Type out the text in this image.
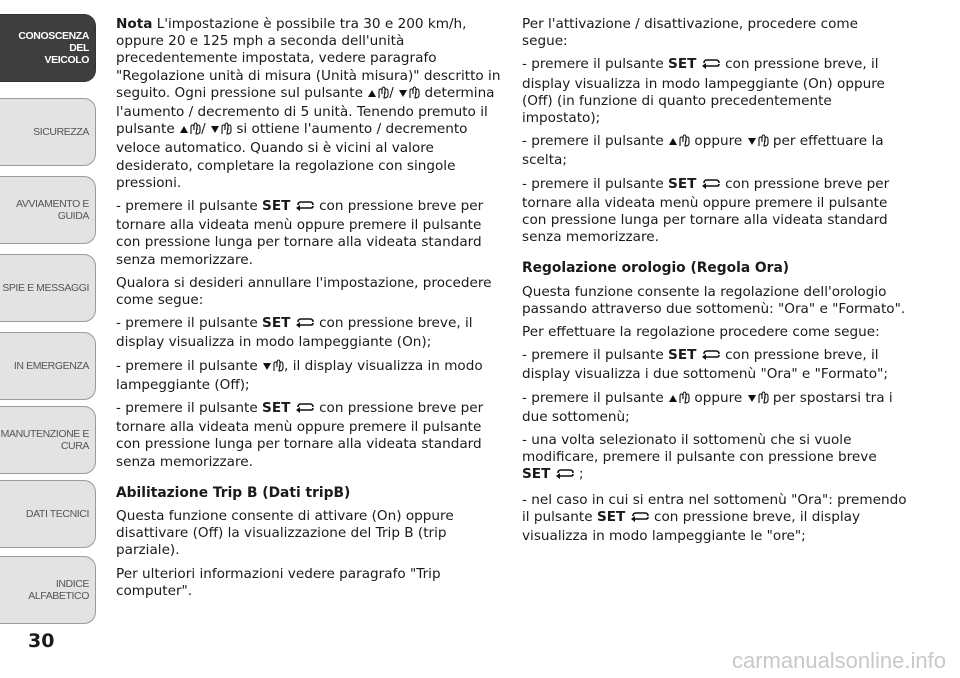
CONOSCENZA DEL
VEICOLO
SICUREZZA
AVVIAMENTO E
GUIDA
SPIE E MESSAGGI
IN EMERGENZA
MANUTENZIONE E
CURA
DATI TECNICI
INDICE ALFABETICO
30

Nota L'impostazione è possibile tra 30 e 200 km/h, oppure 20 e 125 mph a seconda dell'unità precedentemente impostata, vedere paragrafo "Regolazione unità di misura (Unità misura)" descritto in seguito. Ogni pressione sul pulsante / determina l'aumento / decremento di 5 unità. Tenendo premuto il pulsante / si ottiene l'aumento / decremento veloce automatico. Quando si è vicini al valore desiderato, completare la regolazione con singole pressioni.

- premere il pulsante SET con pressione breve per tornare alla videata menù oppure premere il pulsante con pressione lunga per tornare alla videata standard senza memorizzare.

Qualora si desideri annullare l'impostazione, procedere come segue:

- premere il pulsante SET con pressione breve, il display visualizza in modo lampeggiante (On);

- premere il pulsante , il display visualizza in modo lampeggiante (Off);

- premere il pulsante SET con pressione breve per tornare alla videata menù oppure premere il pulsante con pressione lunga per tornare alla videata standard senza memorizzare.

Abilitazione Trip B (Dati tripB)

Questa funzione consente di attivare (On) oppure disattivare (Off) la visualizzazione del Trip B (trip parziale).

Per ulteriori informazioni vedere paragrafo "Trip computer".

Per l'attivazione / disattivazione, procedere come segue:

- premere il pulsante SET con pressione breve, il display visualizza in modo lampeggiante (On) oppure (Off) (in funzione di quanto precedentemente impostato);

- premere il pulsante oppure per effettuare la scelta;

- premere il pulsante SET con pressione breve per tornare alla videata menù oppure premere il pulsante con pressione lunga per tornare alla videata standard senza memorizzare.

Regolazione orologio (Regola Ora)

Questa funzione consente la regolazione dell'orologio passando attraverso due sottomenù: "Ora" e "Formato".

Per effettuare la regolazione procedere come segue:

- premere il pulsante SET con pressione breve, il display visualizza i due sottomenù "Ora" e "Formato";

- premere il pulsante oppure per spostarsi tra i due sottomenù;

- una volta selezionato il sottomenù che si vuole modificare, premere il pulsante con pressione breve SET ;

- nel caso in cui si entra nel sottomenù "Ora": premendo il pulsante SET con pressione breve, il display visualizza in modo lampeggiante le "ore";

carmanualsonline.info
